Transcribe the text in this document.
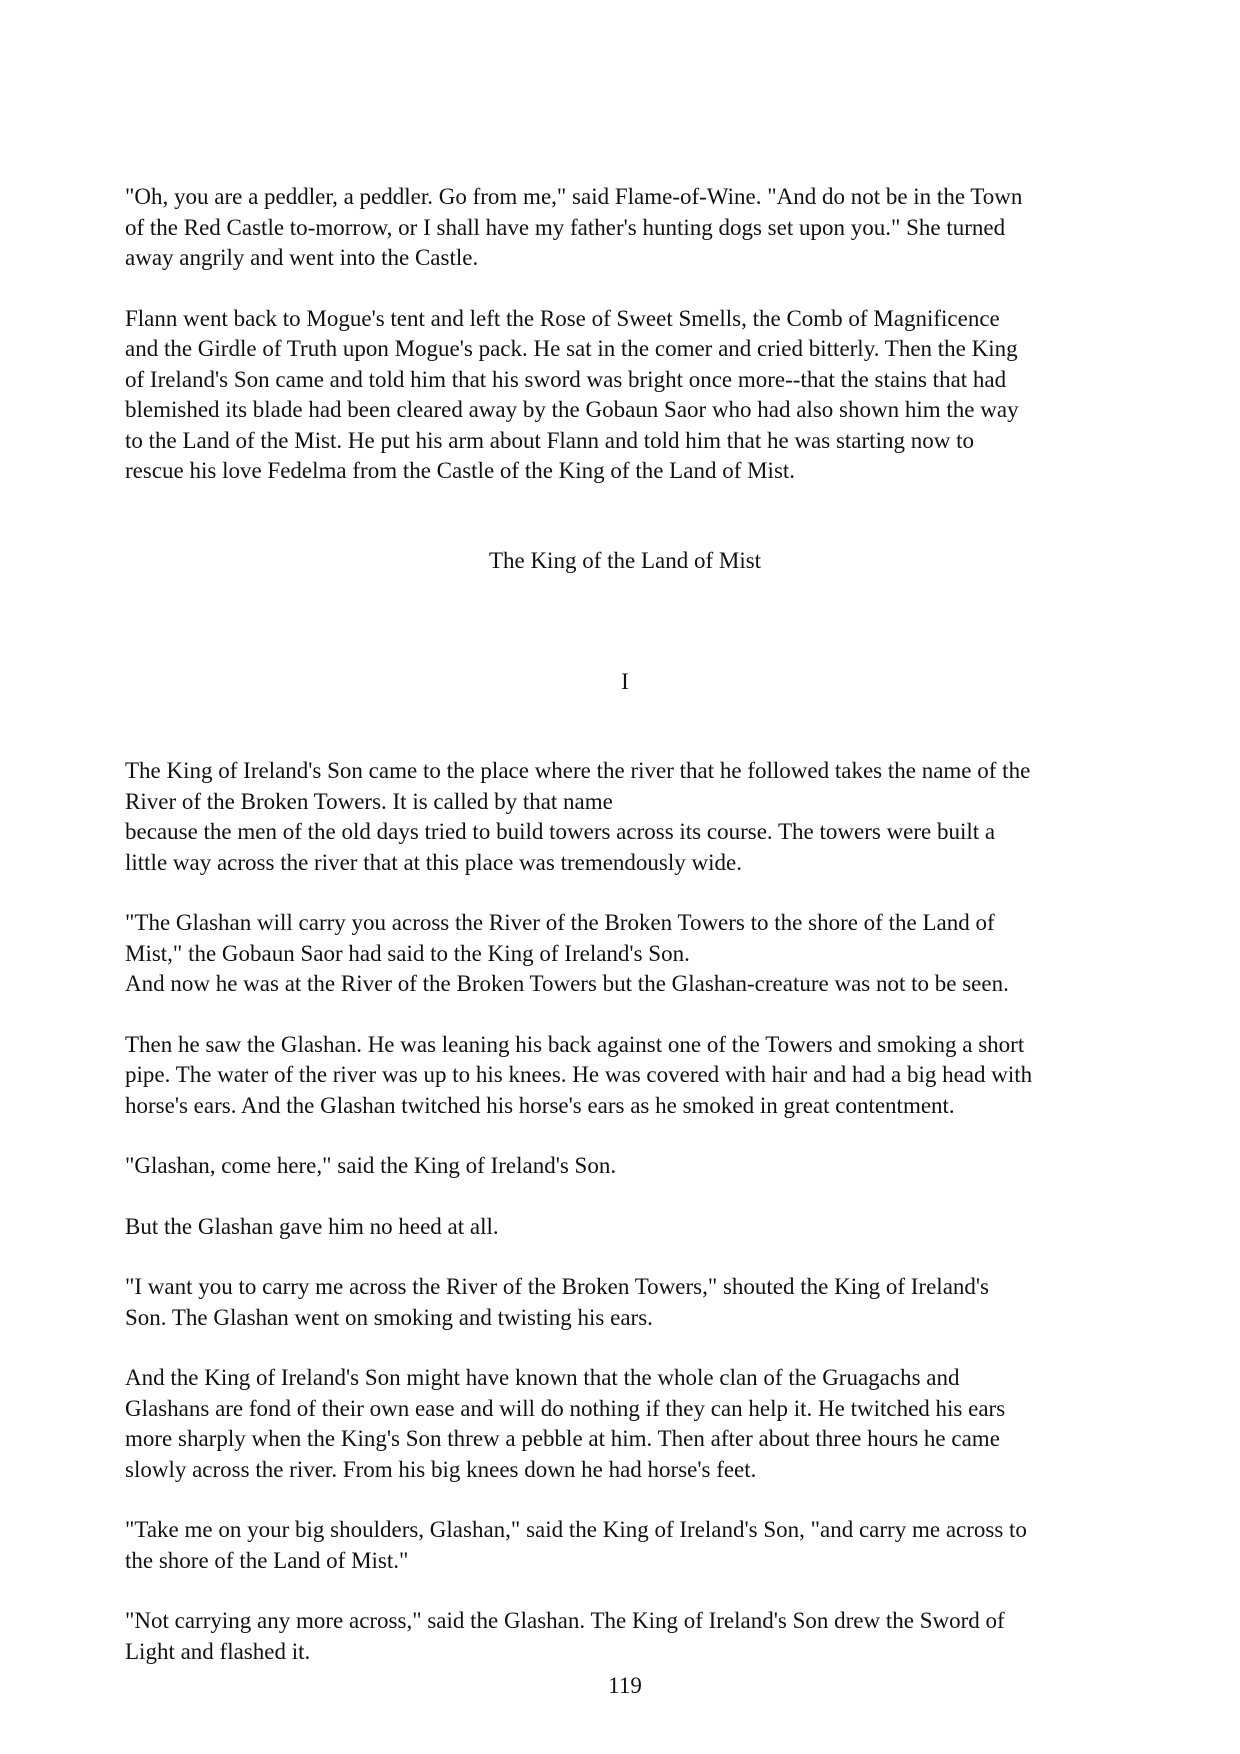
"Oh, you are a peddler, a peddler. Go from me," said Flame-of-Wine. "And do not be in the Town
of the Red Castle to-morrow, or I shall have my father's hunting dogs set upon you." She turned
away angrily and went into the Castle.

Flann went back to Mogue's tent and left the Rose of Sweet Smells, the Comb of Magnificence
and the Girdle of Truth upon Mogue's pack. He sat in the comer and cried bitterly. Then the King
of Ireland's Son came and told him that his sword was bright once more--that the stains that had
blemished its blade had been cleared away by the Gobaun Saor who had also shown him the way
to the Land of the Mist. He put his arm about Flann and told him that he was starting now to
rescue his love Fedelma from the Castle of the King of the Land of Mist.

The King of the Land of Mist

I

The King of Ireland's Son came to the place where the river that he followed takes the name of the
River of the Broken Towers. It is called by that name
because the men of the old days tried to build towers across its course. The towers were built a
little way across the river that at this place was tremendously wide.

"The Glashan will carry you across the River of the Broken Towers to the shore of the Land of
Mist," the Gobaun Saor had said to the King of Ireland's Son.
And now he was at the River of the Broken Towers but the Glashan-creature was not to be seen.

Then he saw the Glashan. He was leaning his back against one of the Towers and smoking a short
pipe. The water of the river was up to his knees. He was covered with hair and had a big head with
horse's ears. And the Glashan twitched his horse's ears as he smoked in great contentment.

"Glashan, come here," said the King of Ireland's Son.

But the Glashan gave him no heed at all.

"I want you to carry me across the River of the Broken Towers," shouted the King of Ireland's
Son. The Glashan went on smoking and twisting his ears.

And the King of Ireland's Son might have known that the whole clan of the Gruagachs and
Glashans are fond of their own ease and will do nothing if they can help it. He twitched his ears
more sharply when the King's Son threw a pebble at him. Then after about three hours he came
slowly across the river. From his big knees down he had horse's feet.

"Take me on your big shoulders, Glashan," said the King of Ireland's Son, "and carry me across to
the shore of the Land of Mist."

"Not carrying any more across," said the Glashan. The King of Ireland's Son drew the Sword of
Light and flashed it.

119
